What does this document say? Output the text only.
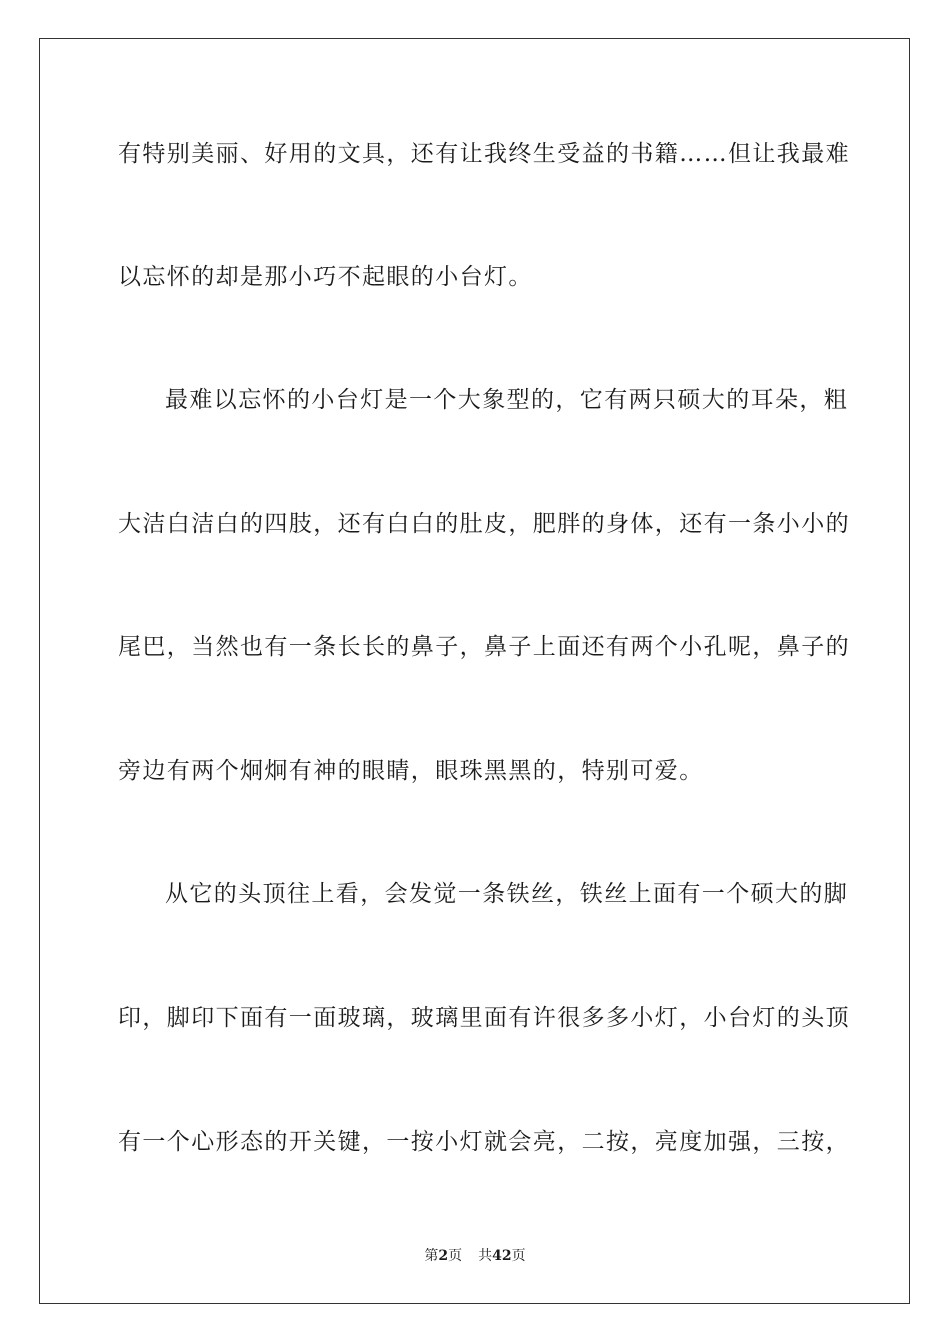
有特别美丽、好用的文具，还有让我终生受益的书籍……但让我最难
以忘怀的却是那小巧不起眼的小台灯。
最难以忘怀的小台灯是一个大象型的，它有两只硕大的耳朵，粗
大洁白洁白的四肢，还有白白的肚皮，肥胖的身体，还有一条小小的
尾巴，当然也有一条长长的鼻子，鼻子上面还有两个小孔呢，鼻子的
旁边有两个炯炯有神的眼睛，眼珠黑黑的，特别可爱。
从它的头顶往上看，会发觉一条铁丝，铁丝上面有一个硕大的脚
印，脚印下面有一面玻璃，玻璃里面有许很多多小灯，小台灯的头顶
有一个心形态的开关键，一按小灯就会亮，二按，亮度加强，三按，
第2页 共42页
